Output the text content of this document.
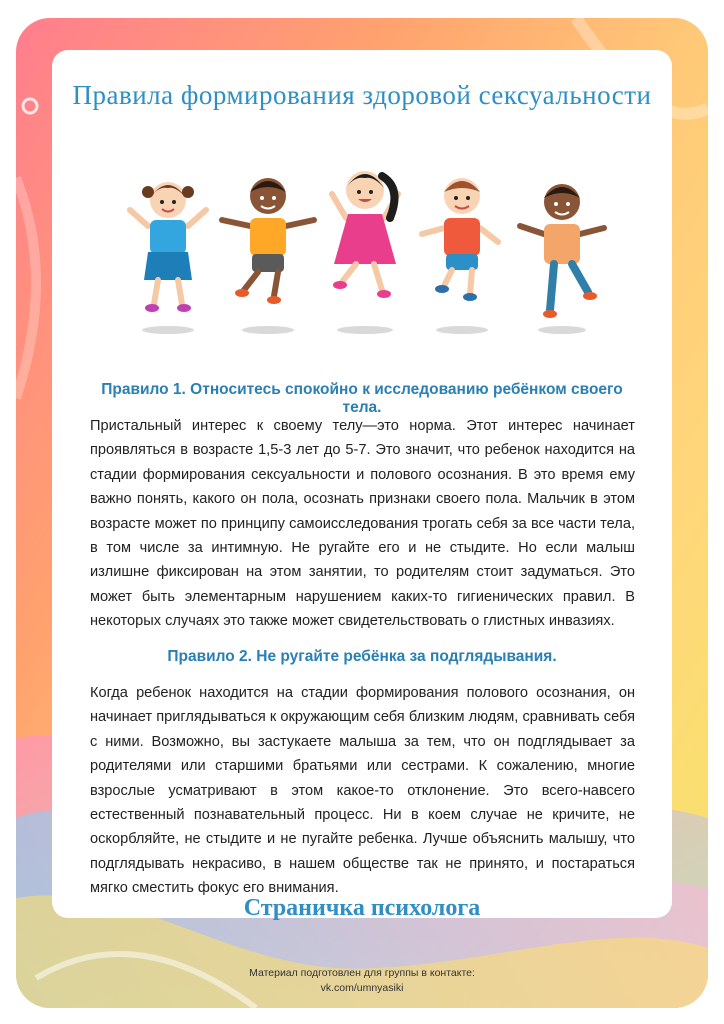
Правила формирования здоровой сексуальности
Правило 1. Относитесь спокойно к исследованию ребёнком своего тела.

Пристальный интерес к своему телу—это норма. Этот интерес начинает проявляться в возрасте 1,5-3 лет до 5-7. Это значит, что ребенок находится на стадии формирования сексуальности и полового осознания. В это время ему важно понять, какого он пола, осознать признаки своего пола. Мальчик в этом возрасте может по принципу самоисследования трогать себя за все части тела, в том числе за интимную. Не ругайте его и не стыдите. Но если малыш излишне фиксирован на этом занятии, то родителям стоит задуматься. Это может быть элементарным нарушением каких-то гигиенических правил. В некоторых случаях это также может свидетельствовать о глистных инвазиях.

Правило 2. Не ругайте ребёнка за подглядывания.

Когда ребенок находится на стадии формирования полового осознания, он начинает приглядываться к окружающим себя близким людям, сравнивать себя с ними. Возможно, вы застукаете малыша за тем, что он подглядывает за родителями или старшими братьями или сестрами. К сожалению, многие взрослые усматривают в этом какое-то отклонение. Это всего-навсего естественный познавательный процесс. Ни в коем случае не кричите, не оскорбляйте, не стыдите и не пугайте ребенка. Лучше объяснить малышу, что подглядывать некрасиво, в нашем обществе так не принято, и постараться мягко сместить фокус его внимания.

Страничка психолога

Материал подготовлен для группы в контакте:
vk.com/umnyasiki
